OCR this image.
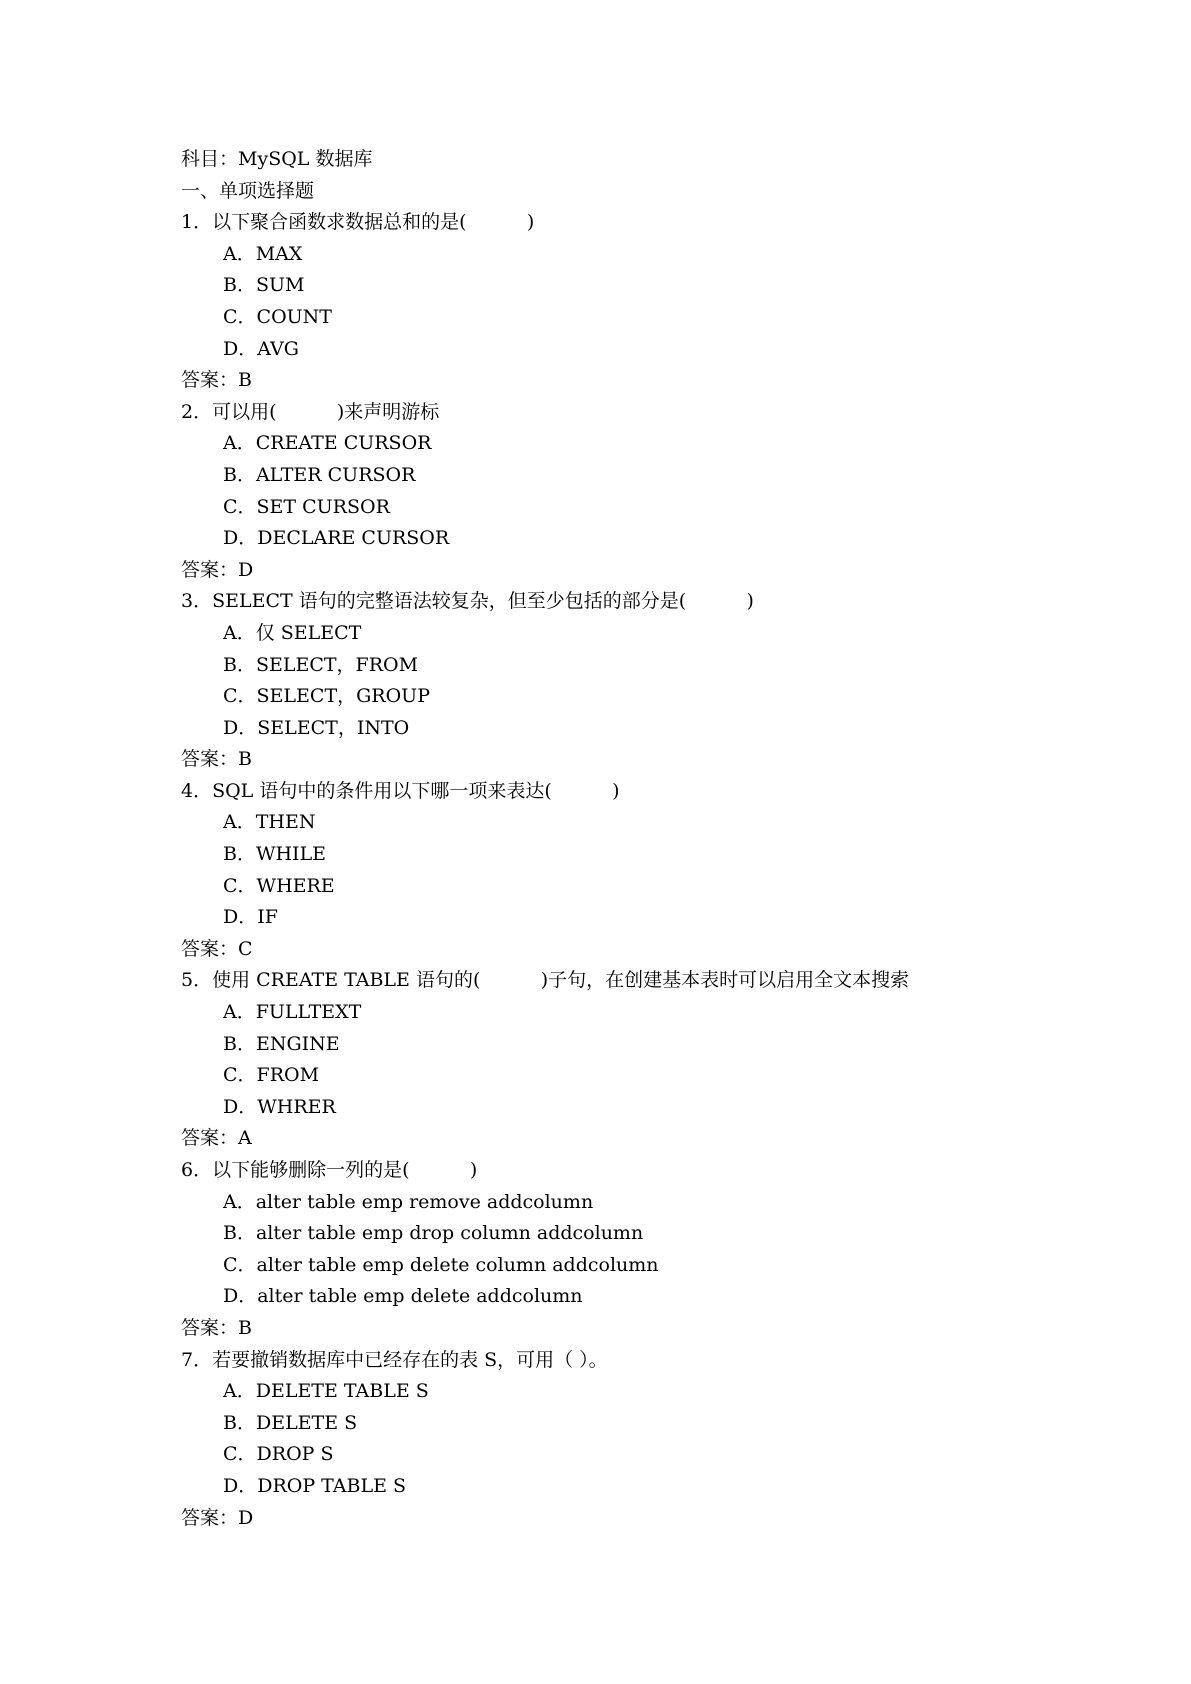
科目：MySQL 数据库
一、单项选择题
1．以下聚合函数求数据总和的是(          )
A．MAX
B．SUM
C．COUNT
D．AVG
答案：B
2．可以用(          )来声明游标
A．CREATE CURSOR
B．ALTER CURSOR
C．SET CURSOR
D．DECLARE CURSOR
答案：D
3．SELECT 语句的完整语法较复杂，但至少包括的部分是(          )
A．仅 SELECT
B．SELECT，FROM
C．SELECT，GROUP
D．SELECT，INTO
答案：B
4．SQL 语句中的条件用以下哪一项来表达(          )
A．THEN
B．WHILE
C．WHERE
D．IF
答案：C
5．使用 CREATE TABLE 语句的(          )子句，在创建基本表时可以启用全文本搜索
A．FULLTEXT
B．ENGINE
C．FROM
D．WHRER
答案：A
6．以下能够删除一列的是(          )
A．alter table emp remove addcolumn
B．alter table emp drop column addcolumn
C．alter table emp delete column addcolumn
D．alter table emp delete addcolumn
答案：B
7．若要撤销数据库中已经存在的表 S，可用（ ）。
A．DELETE TABLE S
B．DELETE S
C．DROP S
D．DROP TABLE S
答案：D
